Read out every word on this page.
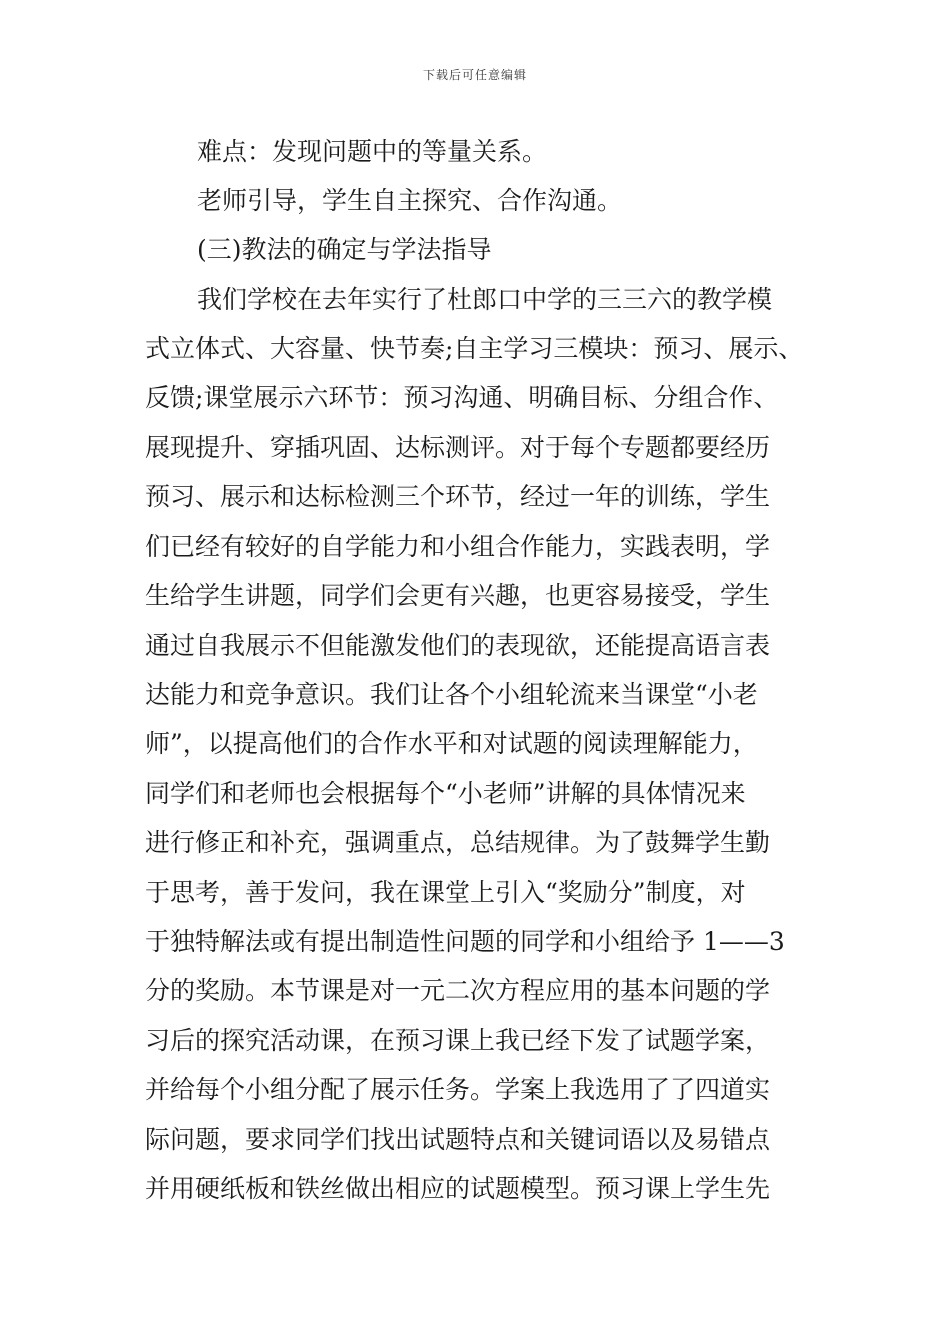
下载后可任意编辑
难点：发现问题中的等量关系。
老师引导，学生自主探究、合作沟通。
(三)教法的确定与学法指导
我们学校在去年实行了杜郎口中学的三三六的教学模
式立体式、大容量、快节奏;自主学习三模块：预习、展示、
反馈;课堂展示六环节：预习沟通、明确目标、分组合作、
展现提升、穿插巩固、达标测评。对于每个专题都要经历
预习、展示和达标检测三个环节，经过一年的训练，学生
们已经有较好的自学能力和小组合作能力，实践表明，学
生给学生讲题，同学们会更有兴趣，也更容易接受，学生
通过自我展示不但能激发他们的表现欲，还能提高语言表
达能力和竞争意识。我们让各个小组轮流来当课堂“小老
师”，以提高他们的合作水平和对试题的阅读理解能力，
同学们和老师也会根据每个“小老师”讲解的具体情况来
进行修正和补充，强调重点，总结规律。为了鼓舞学生勤
于思考，善于发问，我在课堂上引入“奖励分”制度，对
于独特解法或有提出制造性问题的同学和小组给予 1——3
分的奖励。本节课是对一元二次方程应用的基本问题的学
习后的探究活动课，在预习课上我已经下发了试题学案，
并给每个小组分配了展示任务。学案上我选用了了四道实
际问题，要求同学们找出试题特点和关键词语以及易错点
并用硬纸板和铁丝做出相应的试题模型。预习课上学生先
